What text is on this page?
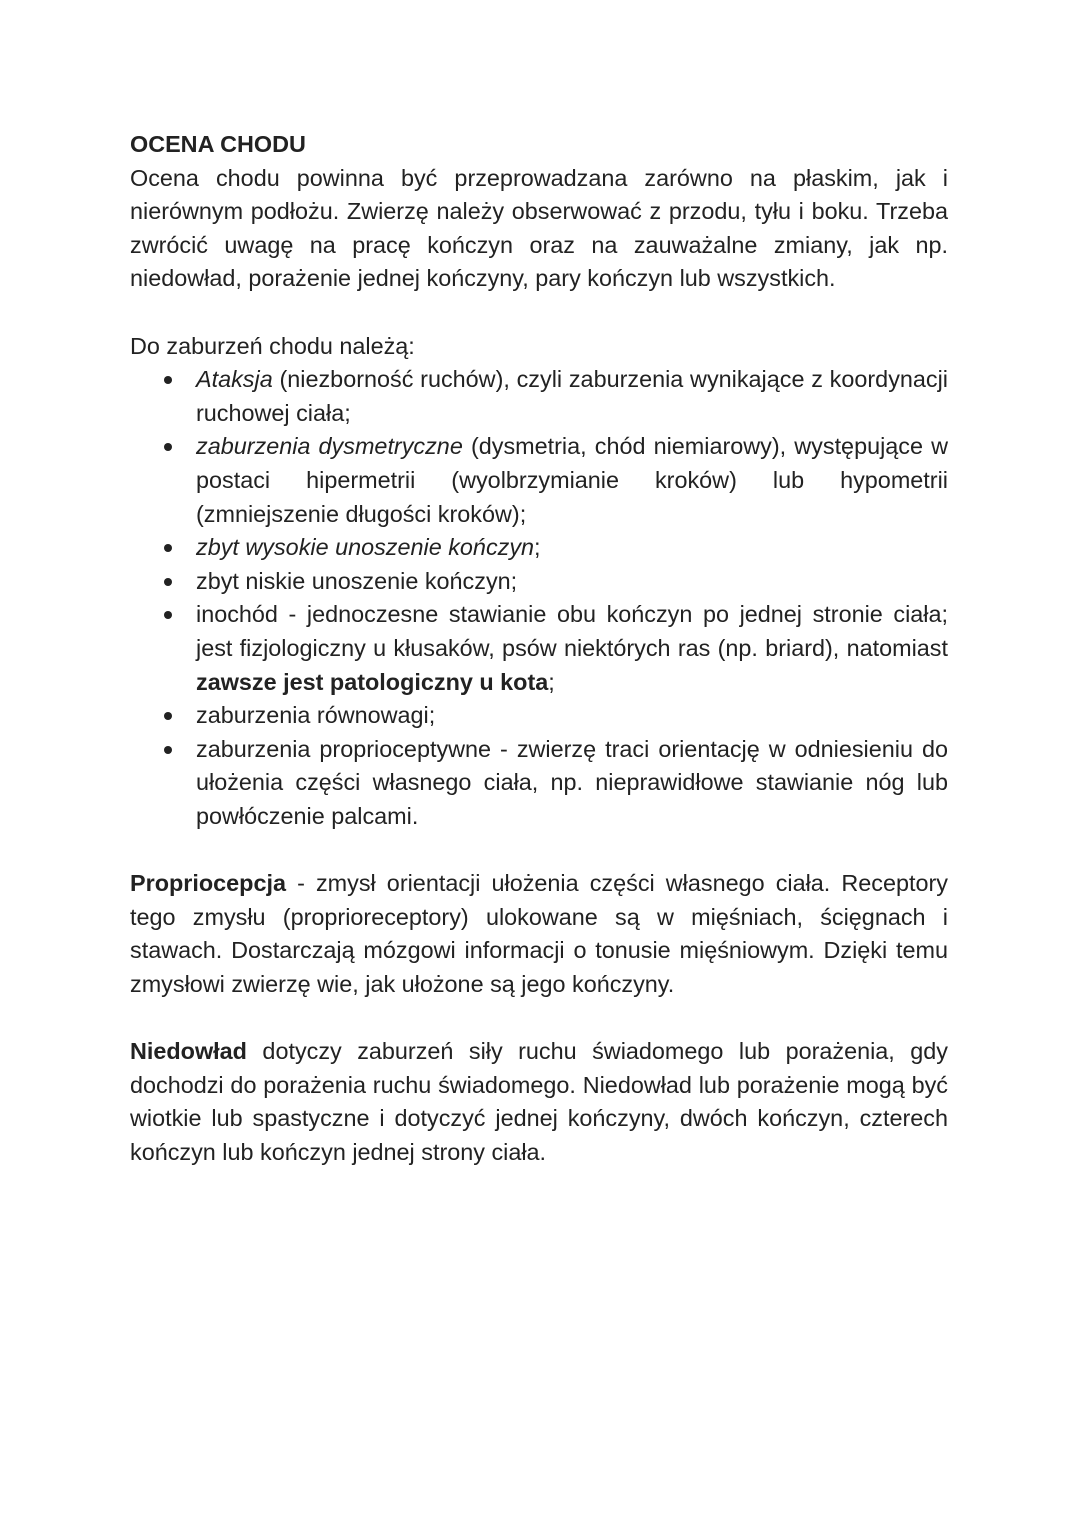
OCENA CHODU

Ocena chodu powinna być przeprowadzana zarówno na płaskim, jak i nierównym podłożu. Zwierzę należy obserwować z przodu, tyłu i boku. Trzeba zwrócić uwagę na pracę kończyn oraz na zauważalne zmiany, jak np. niedowład, porażenie jednej kończyny, pary kończyn lub wszystkich.

Do zaburzeń chodu należą:

Ataksja (niezborność ruchów), czyli zaburzenia wynikające z koordynacji ruchowej ciała;
zaburzenia dysmetryczne (dysmetria, chód niemiarowy), występujące w postaci hipermetrii (wyolbrzymianie kroków) lub hypometrii (zmniejszenie długości kroków);
zbyt wysokie unoszenie kończyn;
zbyt niskie unoszenie kończyn;
inochód - jednoczesne stawianie obu kończyn po jednej stronie ciała; jest fizjologiczny u kłusaków, psów niektórych ras (np. briard), natomiast zawsze jest patologiczny u kota;
zaburzenia równowagi;
zaburzenia proprioceptywne - zwierzę traci orientację w odniesieniu do ułożenia części własnego ciała, np. nieprawidłowe stawianie nóg lub powłóczenie palcami.

Propriocepcja - zmysł orientacji ułożenia części własnego ciała. Receptory tego zmysłu (proprioreceptory) ulokowane są w mięśniach, ścięgnach i stawach. Dostarczają mózgowi informacji o tonusie mięśniowym. Dzięki temu zmysłowi zwierzę wie, jak ułożone są jego kończyny.

Niedowład dotyczy zaburzeń siły ruchu świadomego lub porażenia, gdy dochodzi do porażenia ruchu świadomego. Niedowład lub porażenie mogą być wiotkie lub spastyczne i dotyczyć jednej kończyny, dwóch kończyn, czterech kończyn lub kończyn jednej strony ciała.
